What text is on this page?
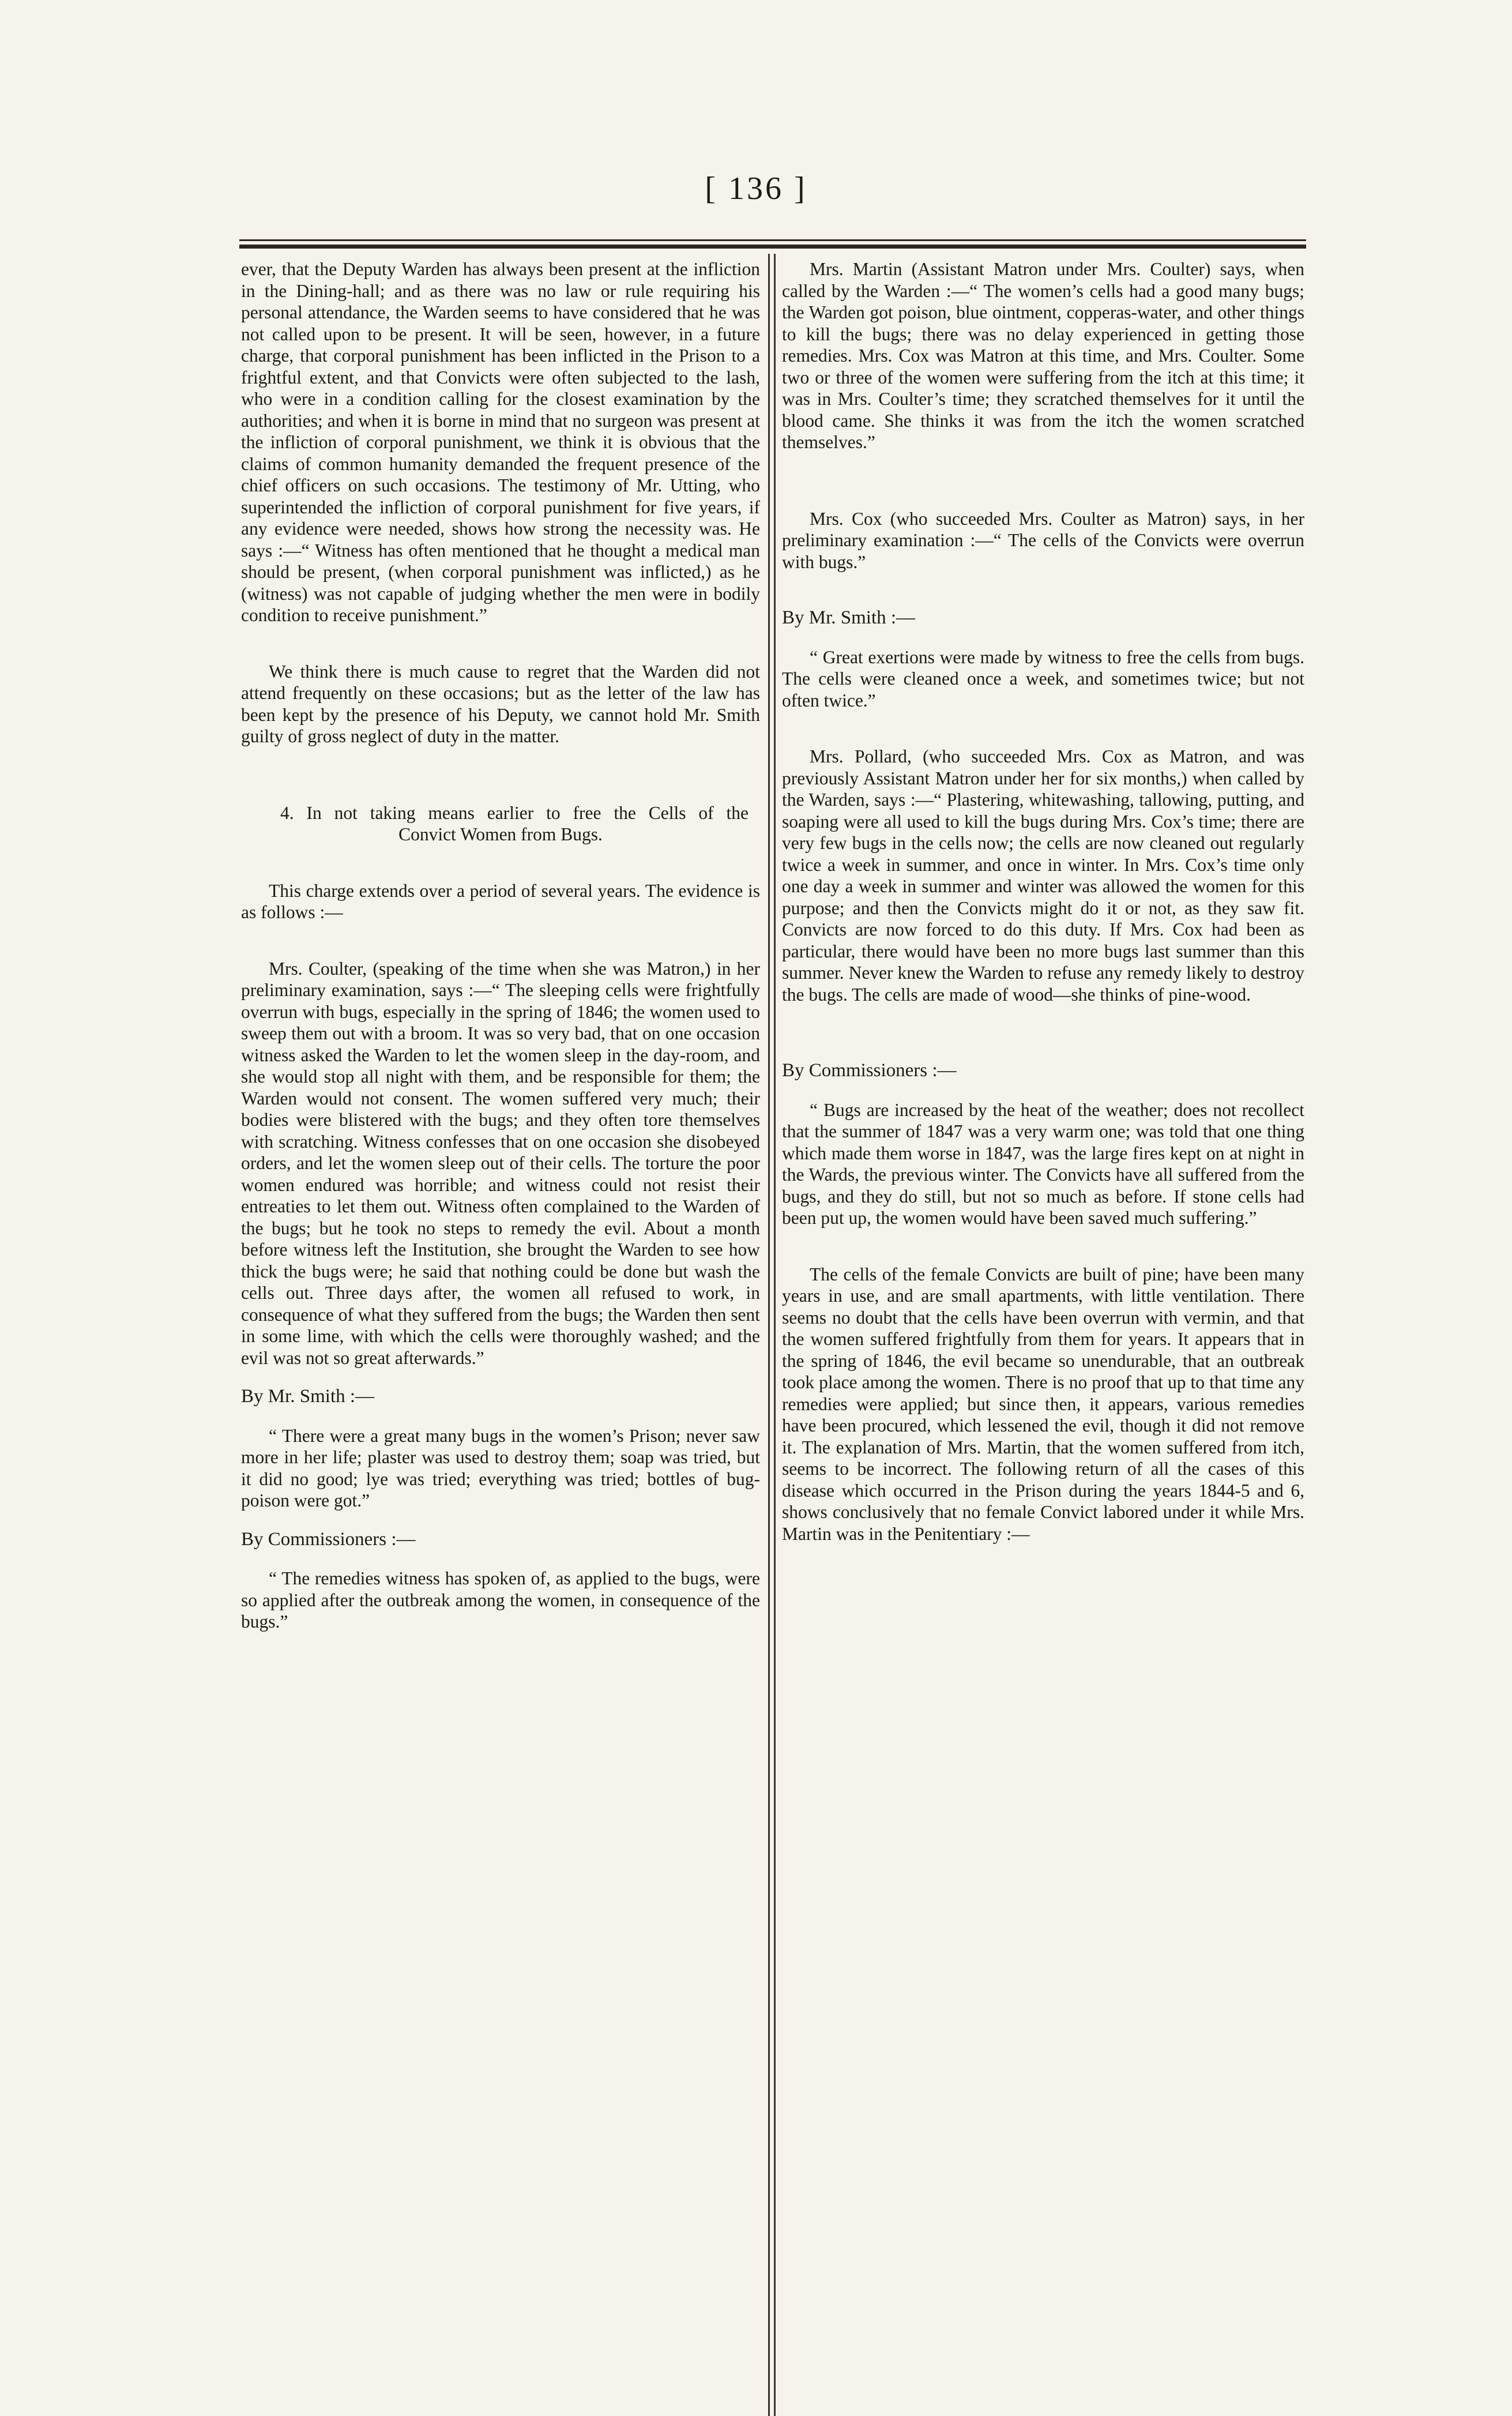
[ 136 ]

ever, that the Deputy Warden has always been present at the infliction in the Dining-hall; and as there was no law or rule requiring his personal attendance, the Warden seems to have considered that he was not called upon to be present. It will be seen, however, in a future charge, that corporal punishment has been inflicted in the Prison to a frightful extent, and that Convicts were often subjected to the lash, who were in a condition calling for the closest examination by the authorities; and when it is borne in mind that no surgeon was present at the infliction of corporal punishment, we think it is obvious that the claims of common humanity demanded the frequent presence of the chief officers on such occasions. The testimony of Mr. Utting, who superintended the infliction of corporal punishment for five years, if any evidence were needed, shows how strong the necessity was. He says :—“ Witness has often mentioned that he thought a medical man should be present, (when corporal punishment was inflicted,) as he (witness) was not capable of judging whether the men were in bodily condition to receive punishment.”

We think there is much cause to regret that the Warden did not attend frequently on these occasions; but as the letter of the law has been kept by the presence of his Deputy, we cannot hold Mr. Smith guilty of gross neglect of duty in the matter.

4. In not taking means earlier to free the Cells of the
Convict Women from Bugs.

This charge extends over a period of several years. The evidence is as follows :—

Mrs. Coulter, (speaking of the time when she was Matron,) in her preliminary examination, says :—“ The sleeping cells were frightfully overrun with bugs, especially in the spring of 1846; the women used to sweep them out with a broom. It was so very bad, that on one occasion witness asked the Warden to let the women sleep in the day-room, and she would stop all night with them, and be responsible for them; the Warden would not consent. The women suffered very much; their bodies were blistered with the bugs; and they often tore themselves with scratching. Witness confesses that on one occasion she disobeyed orders, and let the women sleep out of their cells. The torture the poor women endured was horrible; and witness could not resist their entreaties to let them out. Witness often complained to the Warden of the bugs; but he took no steps to remedy the evil. About a month before witness left the Institution, she brought the Warden to see how thick the bugs were; he said that nothing could be done but wash the cells out. Three days after, the women all refused to work, in consequence of what they suffered from the bugs; the Warden then sent in some lime, with which the cells were thoroughly washed; and the evil was not so great afterwards.”

By Mr. Smith :—

“ There were a great many bugs in the women’s Prison; never saw more in her life; plaster was used to destroy them; soap was tried, but it did no good; lye was tried; everything was tried; bottles of bug-poison were got.”

By Commissioners :—

“ The remedies witness has spoken of, as applied to the bugs, were so applied after the outbreak among the women, in consequence of the bugs.”

Mrs. Martin (Assistant Matron under Mrs. Coulter) says, when called by the Warden :—“ The women’s cells had a good many bugs; the Warden got poison, blue ointment, copperas-water, and other things to kill the bugs; there was no delay experienced in getting those remedies. Mrs. Cox was Matron at this time, and Mrs. Coulter. Some two or three of the women were suffering from the itch at this time; it was in Mrs. Coulter’s time; they scratched themselves for it until the blood came. She thinks it was from the itch the women scratched themselves.”

Mrs. Cox (who succeeded Mrs. Coulter as Matron) says, in her preliminary examination :—“ The cells of the Convicts were overrun with bugs.”

By Mr. Smith :—

“ Great exertions were made by witness to free the cells from bugs. The cells were cleaned once a week, and sometimes twice; but not often twice.”

Mrs. Pollard, (who succeeded Mrs. Cox as Matron, and was previously Assistant Matron under her for six months,) when called by the Warden, says :—“ Plastering, whitewashing, tallowing, putting, and soaping were all used to kill the bugs during Mrs. Cox’s time; there are very few bugs in the cells now; the cells are now cleaned out regularly twice a week in summer, and once in winter. In Mrs. Cox’s time only one day a week in summer and winter was allowed the women for this purpose; and then the Convicts might do it or not, as they saw fit. Convicts are now forced to do this duty. If Mrs. Cox had been as particular, there would have been no more bugs last summer than this summer. Never knew the Warden to refuse any remedy likely to destroy the bugs. The cells are made of wood—she thinks of pine-wood.

By Commissioners :—

“ Bugs are increased by the heat of the weather; does not recollect that the summer of 1847 was a very warm one; was told that one thing which made them worse in 1847, was the large fires kept on at night in the Wards, the previous winter. The Convicts have all suffered from the bugs, and they do still, but not so much as before. If stone cells had been put up, the women would have been saved much suffering.”

The cells of the female Convicts are built of pine; have been many years in use, and are small apartments, with little ventilation. There seems no doubt that the cells have been overrun with vermin, and that the women suffered frightfully from them for years. It appears that in the spring of 1846, the evil became so unendurable, that an outbreak took place among the women. There is no proof that up to that time any remedies were applied; but since then, it appears, various remedies have been procured, which lessened the evil, though it did not remove it. The explanation of Mrs. Martin, that the women suffered from itch, seems to be incorrect. The following return of all the cases of this disease which occurred in the Prison during the years 1844-5 and 6, shows conclusively that no female Convict labored under it while Mrs. Martin was in the Penitentiary :—
